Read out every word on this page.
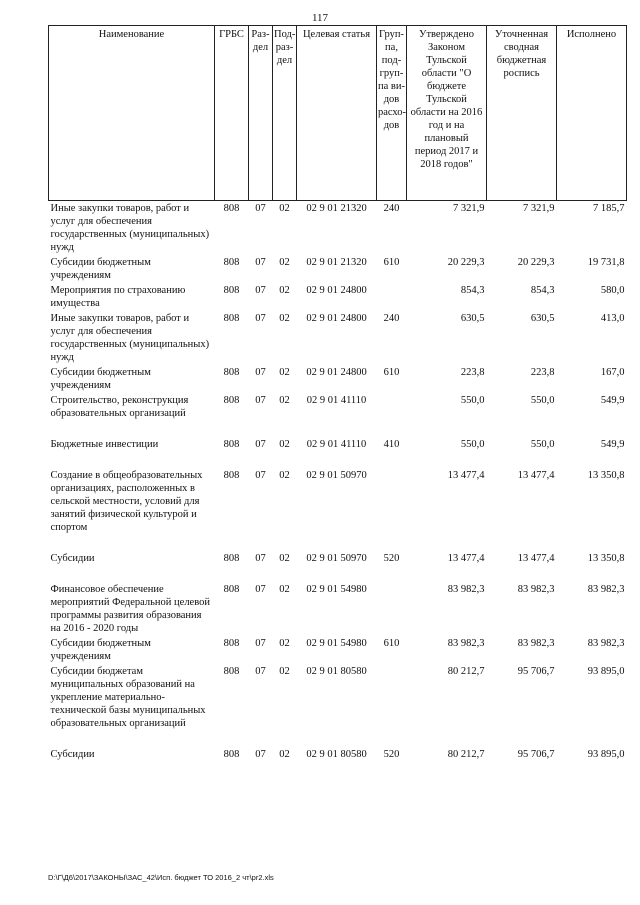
117
Наименование	ГРБС	Раз-дел	Под-раз-дел	Целевая статья	Груп-па, под-груп-па ви-дов расхо-дов	Утверждено Законом Тульской области "О бюджете Тульской области на 2016 год и на плановый период 2017 и 2018 годов"	Уточненная сводная бюджетная роспись	Исполнено
Иные закупки товаров, работ и услуг для обеспечения государственных (муниципальных) нужд	808	07	02	02 9 01 21320	240	7 321,9	7 321,9	7 185,7
Субсидии бюджетным учреждениям	808	07	02	02 9 01 21320	610	20 229,3	20 229,3	19 731,8
Мероприятия по страхованию имущества	808	07	02	02 9 01 24800		854,3	854,3	580,0
Иные закупки товаров, работ и услуг для обеспечения государственных (муниципальных) нужд	808	07	02	02 9 01 24800	240	630,5	630,5	413,0
Субсидии бюджетным учреждениям	808	07	02	02 9 01 24800	610	223,8	223,8	167,0
Строительство, реконструкция образовательных организаций	808	07	02	02 9 01 41110		550,0	550,0	549,9

Бюджетные инвестиции	808	07	02	02 9 01 41110	410	550,0	550,0	549,9

Создание в общеобразовательных организациях, расположенных в сельской местности, условий для занятий физической культурой и спортом	808	07	02	02 9 01 50970		13 477,4	13 477,4	13 350,8

Субсидии	808	07	02	02 9 01 50970	520	13 477,4	13 477,4	13 350,8

Финансовое обеспечение мероприятий Федеральной целевой программы развития образования на 2016 - 2020 годы	808	07	02	02 9 01 54980		83 982,3	83 982,3	83 982,3
Субсидии бюджетным учреждениям	808	07	02	02 9 01 54980	610	83 982,3	83 982,3	83 982,3
Субсидии бюджетам муниципальных образований на укрепление материально-технической базы муниципальных образовательных организаций	808	07	02	02 9 01 80580		80 212,7	95 706,7	93 895,0

Субсидии	808	07	02	02 9 01 80580	520	80 212,7	95 706,7	93 895,0
D:\Г\Д6\2017\ЗАКОНЫ\ЗАС_42\Исп. бюджет ТО 2016_2 чт\pr2.xls
